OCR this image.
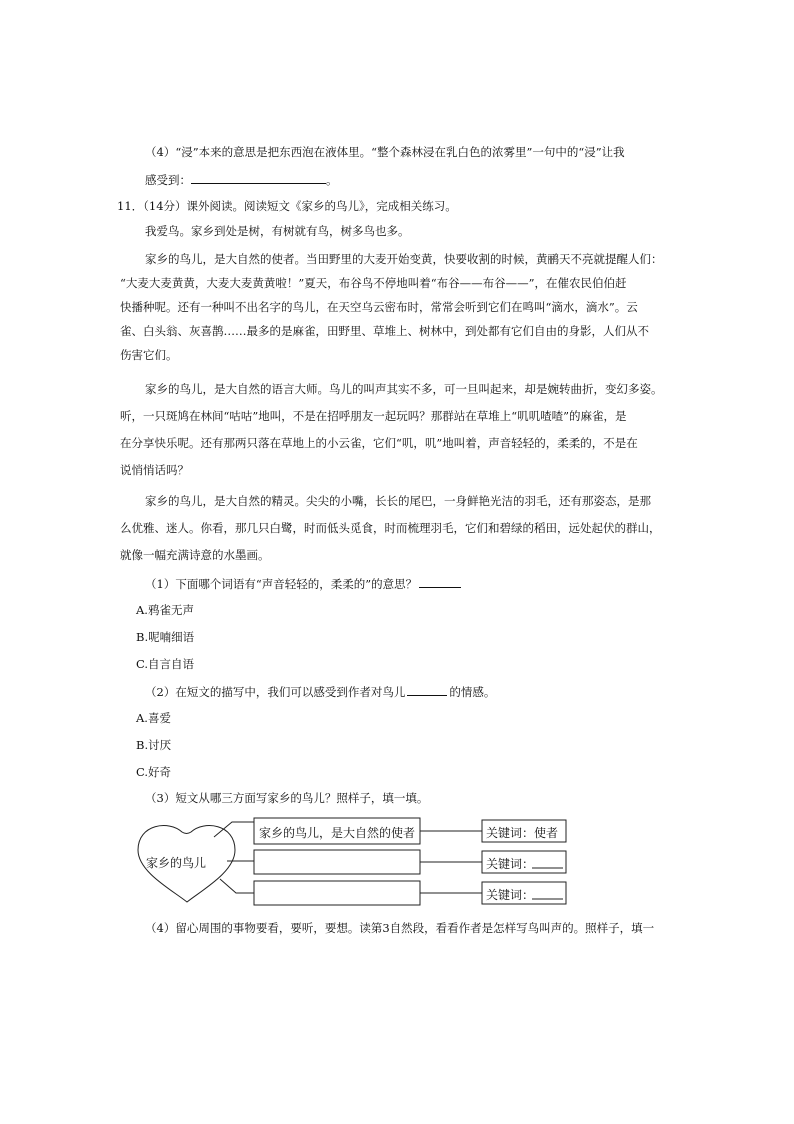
（4）“浸”本来的意思是把东西泡在液体里。“整个森林浸在乳白色的浓雾里”一句中的“浸”让我
感受到：	。
11．（14分）课外阅读。阅读短文《家乡的鸟儿》，完成相关练习。
我爱鸟。家乡到处是树，有树就有鸟，树多鸟也多。
家乡的鸟儿，是大自然的使者。当田野里的大麦开始变黄，快要收割的时候，黄鹂天不亮就提醒人们：
“大麦大麦黄黄，大麦大麦黄黄啦！”夏天，布谷鸟不停地叫着“布谷——布谷——”，在催农民伯伯赶
快播种呢。还有一种叫不出名字的鸟儿，在天空乌云密布时，常常会听到它们在鸣叫“滴水，滴水”。云
雀、白头翁、灰喜鹊……最多的是麻雀，田野里、草堆上、树林中，到处都有它们自由的身影，人们从不
伤害它们。
家乡的鸟儿，是大自然的语言大师。鸟儿的叫声其实不多，可一旦叫起来，却是婉转曲折，变幻多姿。
听，一只斑鸠在林间“咕咕”地叫，不是在招呼朋友一起玩吗？那群站在草堆上“叽叽喳喳”的麻雀，是
在分享快乐呢。还有那两只落在草地上的小云雀，它们“叽，叽”地叫着，声音轻轻的，柔柔的，不是在
说悄悄话吗？
家乡的鸟儿，是大自然的精灵。尖尖的小嘴，长长的尾巴，一身鲜艳光洁的羽毛，还有那姿态，是那
么优雅、迷人。你看，那几只白鹭，时而低头觅食，时而梳理羽毛，它们和碧绿的稻田，远处起伏的群山，
就像一幅充满诗意的水墨画。
（1）下面哪个词语有“声音轻轻的，柔柔的”的意思？
A.鸦雀无声
B.呢喃细语
C.自言自语
（2）在短文的描写中，我们可以感受到作者对鸟儿	的情感。
A.喜爱
B.讨厌
C.好奇
（3）短文从哪三方面写家乡的鸟儿？照样子，填一填。
家乡的鸟儿
家乡的鸟儿，是大自然的使者	关键词：使者
关键词：
关键词：
（4）留心周围的事物要看，要听，要想。读第3自然段，看看作者是怎样写鸟叫声的。照样子，填一
